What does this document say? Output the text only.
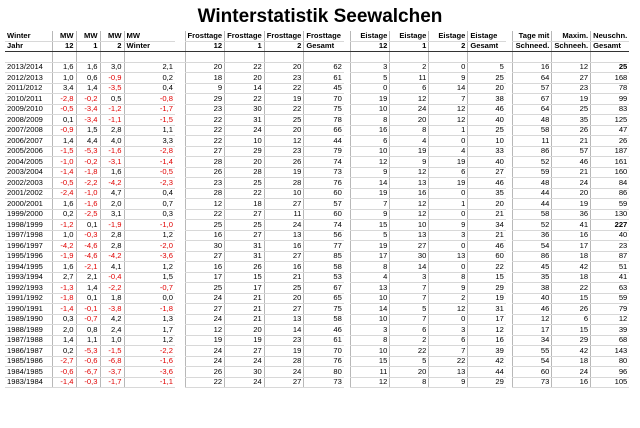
Winterstatistik Seewalchen
Winter	MW	MW	MW	MW		Frosttage	Frosttage	Frosttage	Frosttage		Eistage	Eistage	Eistage	Eistage		Tage mit	Maxim.	Neuschn.
Jahr	12	1	2	Winter		12	1	2	Gesamt		12	1	2	Gesamt		Schneed.	Schneeh.	Gesamt

2013/2014	1,6	1,6	3,0	2,1		20	22	20	62		3	2	0	5		16	12	25
2012/2013	1,0	0,6	-0,9	0,2		18	20	23	61		5	11	9	25		64	27	168
2011/2012	3,4	1,4	-3,5	0,4		9	14	22	45		0	6	14	20		57	23	78
2010/2011	-2,8	-0,2	0,5	-0,8		29	22	19	70		19	12	7	38		67	19	99
2009/2010	-0,5	-3,4	-1,2	-1,7		23	30	22	75		10	24	12	46		64	25	83
2008/2009	0,1	-3,4	-1,1	-1,5		22	31	25	78		8	20	12	40		48	35	125
2007/2008	-0,9	1,5	2,8	1,1		22	24	20	66		16	8	1	25		58	26	47
2006/2007	1,4	4,4	4,0	3,3		22	10	12	44		6	4	0	10		11	21	26
2005/2006	-1,5	-5,3	-1,6	-2,8		27	29	23	79		10	19	4	33		86	57	187
2004/2005	-1,0	-0,2	-3,1	-1,4		28	20	26	74		12	9	19	40		52	46	161
2003/2004	-1,4	-1,8	1,6	-0,5		26	28	19	73		9	12	6	27		59	21	160
2002/2003	-0,5	-2,2	-4,2	-2,3		23	25	28	76		14	13	19	46		48	24	84
2001/2002	-2,4	-1,0	4,7	0,4		28	22	10	60		19	16	0	35		44	20	86
2000/2001	1,6	-1,6	2,0	0,7		12	18	27	57		7	12	1	20		44	19	59
1999/2000	0,2	-2,5	3,1	0,3		22	27	11	60		9	12	0	21		58	36	130
1998/1999	-1,2	0,1	-1,9	-1,0		25	25	24	74		15	10	9	34		52	41	227
1997/1998	1,0	-0,3	2,8	1,2		16	27	13	56		5	13	3	21		36	16	40
1996/1997	-4,2	-4,6	2,8	-2,0		30	31	16	77		19	27	0	46		54	17	23
1995/1996	-1,9	-4,6	-4,2	-3,6		27	31	27	85		17	30	13	60		86	18	87
1994/1995	1,6	-2,1	4,1	1,2		16	26	16	58		8	14	0	22		45	42	51
1993/1994	2,7	2,1	-0,4	1,5		17	15	21	53		4	3	8	15		35	18	41
1992/1993	-1,3	1,4	-2,2	-0,7		25	17	25	67		13	7	9	29		38	22	63
1991/1992	-1,8	0,1	1,8	0,0		24	21	20	65		10	7	2	19		40	15	59
1990/1991	-1,4	-0,1	-3,8	-1,8		27	21	27	75		14	5	12	31		46	26	79
1989/1990	0,3	-0,7	4,2	1,3		24	21	13	58		10	7	0	17		12	6	12
1988/1989	2,0	0,8	2,4	1,7		12	20	14	46		3	6	3	12		17	15	39
1987/1988	1,4	1,1	1,0	1,2		19	19	23	61		8	2	6	16		34	29	68
1986/1987	0,2	-5,3	-1,5	-2,2		24	27	19	70		10	22	7	39		55	42	143
1985/1986	-2,7	-0,6	-6,8	-1,6		24	24	28	76		15	5	22	42		54	18	80
1984/1985	-0,6	-6,7	-3,7	-3,6		26	30	24	80		11	20	13	44		60	24	96
1983/1984	-1,4	-0,3	-1,7	-1,1		22	24	27	73		12	8	9	29		73	16	105
